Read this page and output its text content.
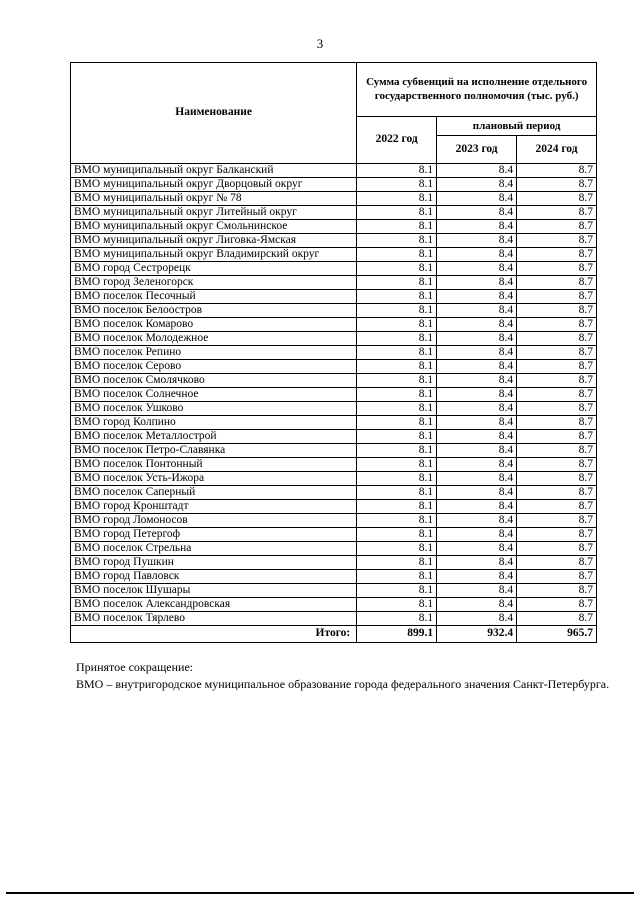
3
Наименование	Сумма субвенций на исполнение отдельного государственного полномочия (тыс. руб.)		
	2022 год	плановый период	
		2023 год	2024 год
ВМО муниципальный округ Балканский	8.1	8.4	8.7
ВМО муниципальный округ Дворцовый округ	8.1	8.4	8.7
ВМО муниципальный округ № 78	8.1	8.4	8.7
ВМО муниципальный округ Литейный округ	8.1	8.4	8.7
ВМО муниципальный округ Смольнинское	8.1	8.4	8.7
ВМО муниципальный округ Лиговка-Ямская	8.1	8.4	8.7
ВМО муниципальный округ Владимирский округ	8.1	8.4	8.7
ВМО город Сестрорецк	8.1	8.4	8.7
ВМО город Зеленогорск	8.1	8.4	8.7
ВМО поселок Песочный	8.1	8.4	8.7
ВМО поселок Белоостров	8.1	8.4	8.7
ВМО поселок Комарово	8.1	8.4	8.7
ВМО поселок Молодежное	8.1	8.4	8.7
ВМО поселок Репино	8.1	8.4	8.7
ВМО поселок Серово	8.1	8.4	8.7
ВМО поселок Смолячково	8.1	8.4	8.7
ВМО поселок Солнечное	8.1	8.4	8.7
ВМО поселок Ушково	8.1	8.4	8.7
ВМО город Колпино	8.1	8.4	8.7
ВМО поселок Металлострой	8.1	8.4	8.7
ВМО поселок Петро-Славянка	8.1	8.4	8.7
ВМО поселок Понтонный	8.1	8.4	8.7
ВМО поселок Усть-Ижора	8.1	8.4	8.7
ВМО поселок Саперный	8.1	8.4	8.7
ВМО город Кронштадт	8.1	8.4	8.7
ВМО город Ломоносов	8.1	8.4	8.7
ВМО город Петергоф	8.1	8.4	8.7
ВМО поселок Стрельна	8.1	8.4	8.7
ВМО город Пушкин	8.1	8.4	8.7
ВМО город Павловск	8.1	8.4	8.7
ВМО поселок Шушары	8.1	8.4	8.7
ВМО поселок Александровская	8.1	8.4	8.7
ВМО поселок Тярлево	8.1	8.4	8.7
Итого:	899.1	932.4	965.7
Принятое сокращение:
ВМО – внутригородское муниципальное образование города федерального значения Санкт-Петербурга.
